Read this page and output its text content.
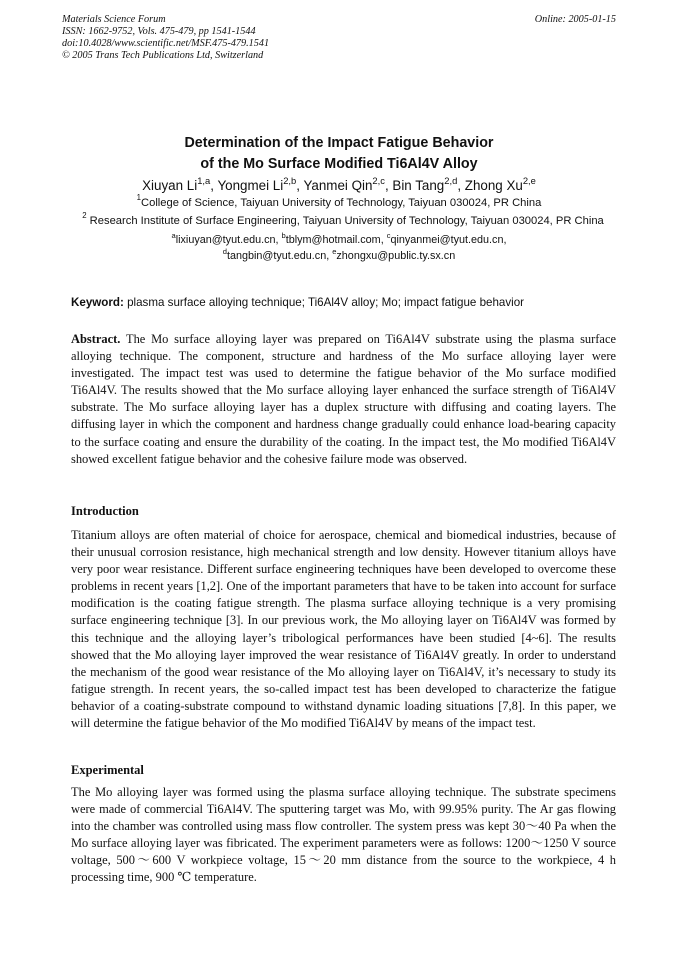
Materials Science Forum
ISSN: 1662-9752, Vols. 475-479, pp 1541-1544
doi:10.4028/www.scientific.net/MSF.475-479.1541
© 2005 Trans Tech Publications Ltd, Switzerland
Online: 2005-01-15
Determination of the Impact Fatigue Behavior
of the Mo Surface Modified Ti6Al4V Alloy
Xiuyan Li$^{1,a}$, Yongmei Li$^{2,b}$, Yanmei Qin$^{2,c}$, Bin Tang$^{2,d}$, Zhong Xu$^{2,e}$
$^1$College of Science, Taiyuan University of Technology, Taiyuan 030024, PR China
$^2$ Research Institute of Surface Engineering, Taiyuan University of Technology, Taiyuan 030024, PR China
$^a$lixiuyan@tyut.edu.cn, $^b$tblym@hotmail.com, $^c$qinyanmei@tyut.edu.cn,
$^d$tangbin@tyut.edu.cn, $^e$zhongxu@public.ty.sx.cn
Keyword: plasma surface alloying technique; Ti6Al4V alloy; Mo; impact fatigue behavior
Abstract. The Mo surface alloying layer was prepared on Ti6Al4V substrate using the plasma surface alloying technique. The component, structure and hardness of the Mo surface alloying layer were investigated. The impact test was used to determine the fatigue behavior of the Mo surface modified Ti6Al4V. The results showed that the Mo surface alloying layer enhanced the surface strength of Ti6Al4V substrate. The Mo surface alloying layer has a duplex structure with diffusing and coating layers. The diffusing layer in which the component and hardness change gradually could enhance load-bearing capacity to the surface coating and ensure the durability of the coating. In the impact test, the Mo modified Ti6Al4V showed excellent fatigue behavior and the cohesive failure mode was observed.
Introduction
Titanium alloys are often material of choice for aerospace, chemical and biomedical industries, because of their unusual corrosion resistance, high mechanical strength and low density. However titanium alloys have very poor wear resistance. Different surface engineering techniques have been developed to overcome these problems in recent years [1,2]. One of the important parameters that have to be taken into account for surface modification is the coating fatigue strength. The plasma surface alloying technique is a very promising surface engineering technique [3]. In our previous work, the Mo alloying layer on Ti6Al4V was formed by this technique and the alloying layer’s tribological performances have been studied [4~6]. The results showed that the Mo alloying layer improved the wear resistance of Ti6Al4V greatly. In order to understand the mechanism of the good wear resistance of the Mo alloying layer on Ti6Al4V, it’s necessary to study its fatigue strength. In recent years, the so-called impact test has been developed to characterize the fatigue behavior of a coating-substrate compound to withstand dynamic loading situations [7,8]. In this paper, we will determine the fatigue behavior of the Mo modified Ti6Al4V by means of the impact test.
Experimental
The Mo alloying layer was formed using the plasma surface alloying technique. The substrate specimens were made of commercial Ti6Al4V. The sputtering target was Mo, with 99.95% purity. The Ar gas flowing into the chamber was controlled using mass flow controller. The system press was kept 30～40 Pa when the Mo surface alloying layer was fibricated. The experiment parameters were as follows: 1200～1250 V source voltage, 500～600 V workpiece voltage, 15～20 mm distance from the source to the workpiece, 4 h processing time, 900 ℃ temperature.
